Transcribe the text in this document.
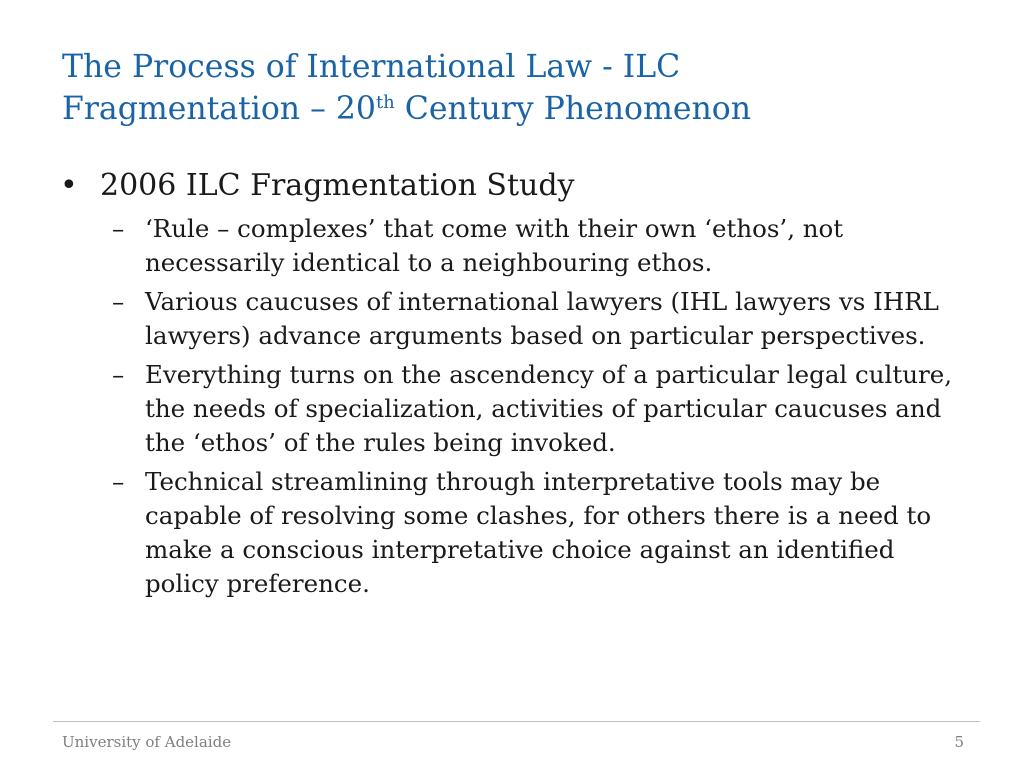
The Process of International Law - ILC
Fragmentation – 20th Century Phenomenon
• 2006 ILC Fragmentation Study
– ‘Rule – complexes’ that come with their own ‘ethos’, not necessarily identical to a neighbouring ethos.
– Various caucuses of international lawyers (IHL lawyers vs IHRL lawyers) advance arguments based on particular perspectives.
– Everything turns on the ascendency of a particular legal culture, the needs of specialization, activities of particular caucuses and the ‘ethos’ of the rules being invoked.
– Technical streamlining through interpretative tools may be capable of resolving some clashes, for others there is a need to make a conscious interpretative choice against an identified policy preference.
University of Adelaide	5
